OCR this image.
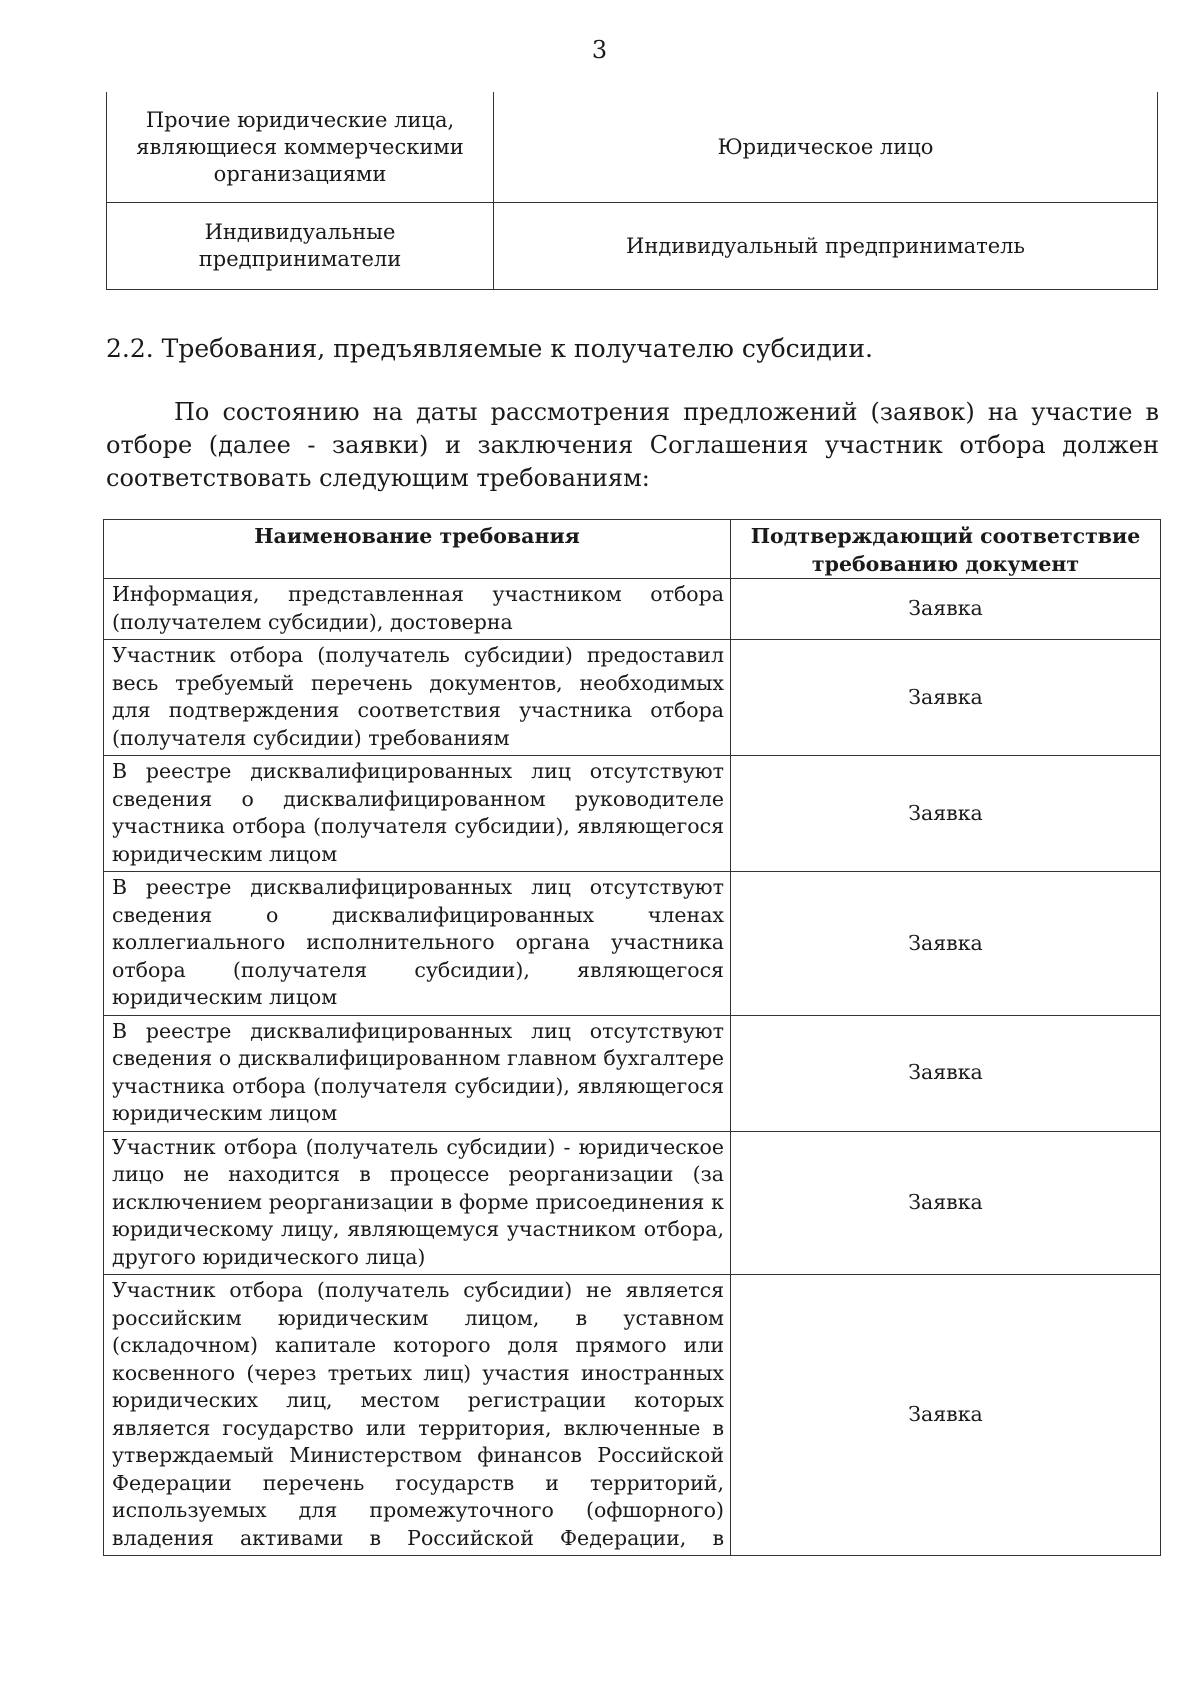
3
Прочие юридические лица, являющиеся коммерческими организациями	Юридическое лицо
Индивидуальные предприниматели	Индивидуальный предприниматель
2.2. Требования, предъявляемые к получателю субсидии.
По состоянию на даты рассмотрения предложений (заявок) на участие в отборе (далее - заявки) и заключения Соглашения участник отбора должен соответствовать следующим требованиям:
Наименование требования	Подтверждающий соответствие требованию документ
Информация, представленная участником отбора (получателем субсидии), достоверна	Заявка
Участник отбора (получатель субсидии) предоставил весь требуемый перечень документов, необходимых для подтверждения соответствия участника отбора (получателя субсидии) требованиям	Заявка
В реестре дисквалифицированных лиц отсутствуют сведения о дисквалифицированном руководителе участника отбора (получателя субсидии), являющегося юридическим лицом	Заявка
В реестре дисквалифицированных лиц отсутствуют сведения о дисквалифицированных членах коллегиального исполнительного органа участника отбора (получателя субсидии), являющегося юридическим лицом	Заявка
В реестре дисквалифицированных лиц отсутствуют сведения о дисквалифицированном главном бухгалтере участника отбора (получателя субсидии), являющегося юридическим лицом	Заявка
Участник отбора (получатель субсидии) - юридическое лицо не находится в процессе реорганизации (за исключением реорганизации в форме присоединения к юридическому лицу, являющемуся участником отбора, другого юридического лица)	Заявка
Участник отбора (получатель субсидии) не является российским юридическим лицом, в уставном (складочном) капитале которого доля прямого или косвенного (через третьих лиц) участия иностранных юридических лиц, местом регистрации которых является государство или территория, включенные в утверждаемый Министерством финансов Российской Федерации перечень государств и территорий, используемых для промежуточного (офшорного) владения активами в Российской Федерации, в	Заявка
